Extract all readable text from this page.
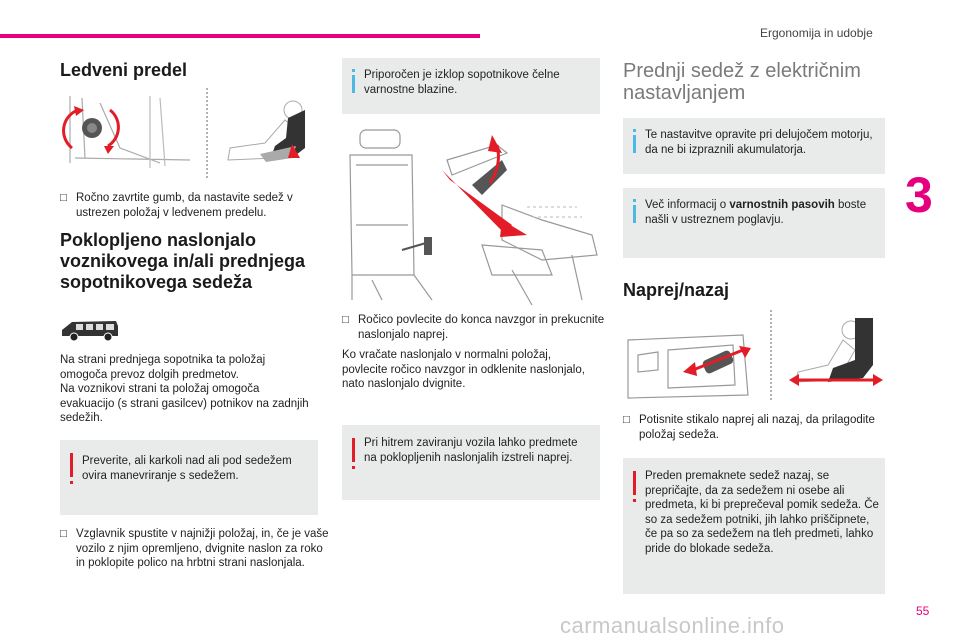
Ergonomija in udobje
3
Ledveni predel
□ Ročno zavrtite gumb, da nastavite sedež v ustrezen položaj v ledvenem predelu.
Poklopljeno naslonjalo voznikovega in/ali prednjega sopotnikovega sedeža
Na strani prednjega sopotnika ta položaj omogoča prevoz dolgih predmetov.
Na voznikovi strani ta položaj omogoča evakuacijo (s strani gasilcev) potnikov na zadnjih sedežih.
Preverite, ali karkoli nad ali pod sedežem ovira manevriranje s sedežem.
□ Vzglavnik spustite v najnižji položaj, in, če je vaše vozilo z njim opremljeno, dvignite naslon za roko in poklopite polico na hrbtni strani naslonjala.
Priporočen je izklop sopotnikove čelne varnostne blazine.
□ Ročico povlecite do konca navzgor in prekucnite naslonjalo naprej.
Ko vračate naslonjalo v normalni položaj, povlecite ročico navzgor in odklenite naslonjalo, nato naslonjalo dvignite.
Pri hitrem zaviranju vozila lahko predmete na poklopljenih naslonjalih izstreli naprej.
Prednji sedež z električnim nastavljanjem
Te nastavitve opravite pri delujočem motorju, da ne bi izpraznili akumulatorja.
Več informacij o varnostnih pasovih boste našli v ustreznem poglavju.
Naprej/nazaj
□ Potisnite stikalo naprej ali nazaj, da prilagodite položaj sedeža.
Preden premaknete sedež nazaj, se prepričajte, da za sedežem ni osebe ali predmeta, ki bi preprečeval pomik sedeža. Če so za sedežem potniki, jih lahko priščipnete, če pa so za sedežem na tleh predmeti, lahko pride do blokade sedeža.
carmanualsonline.info
55
